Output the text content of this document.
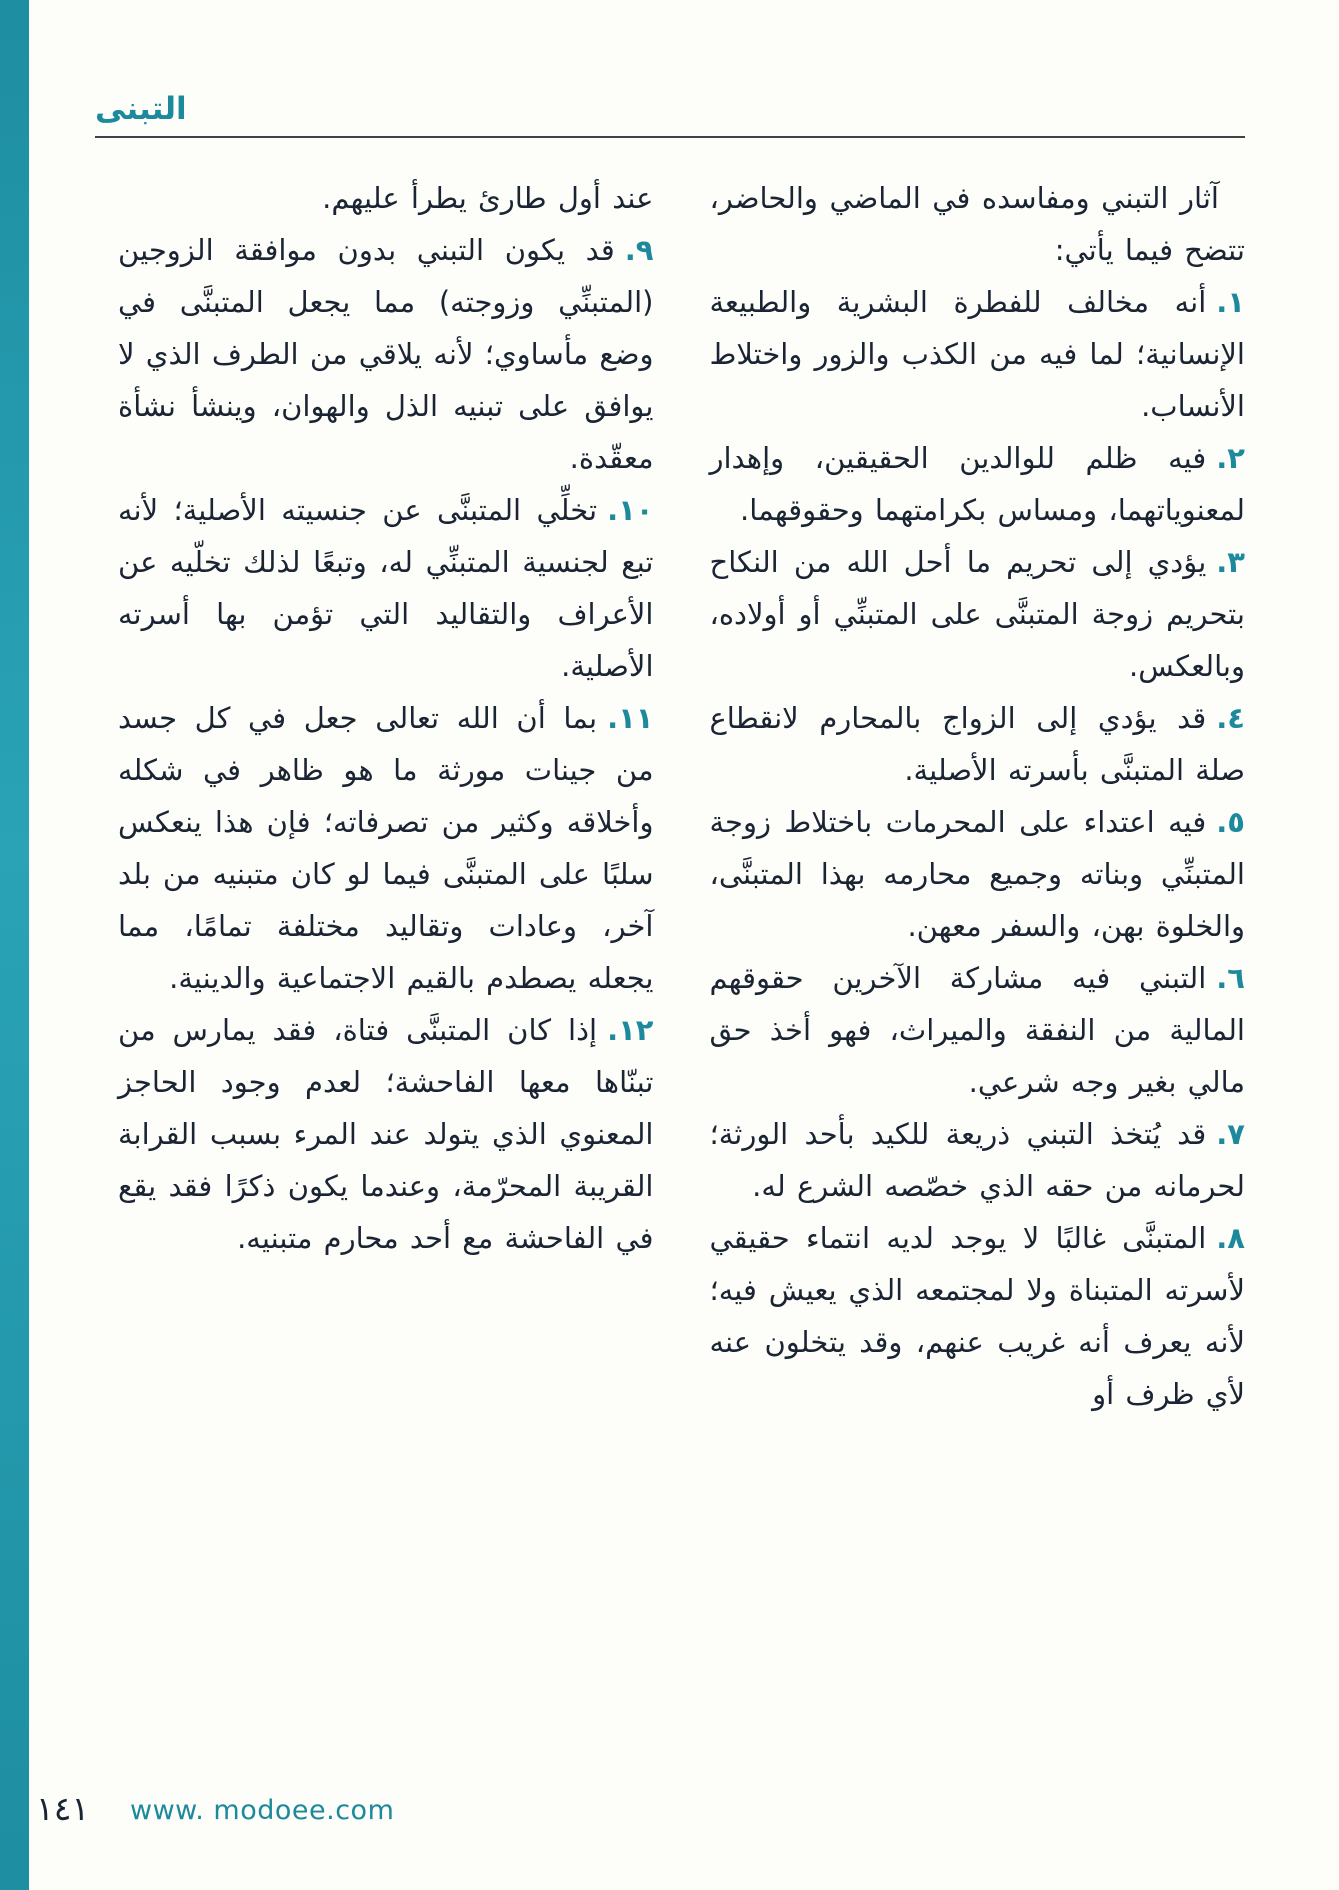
التبنى

آثار التبني ومفاسده في الماضي والحاضر، تتضح فيما يأتي:

١.أنه مخالف للفطرة البشرية والطبيعة الإنسانية؛ لما فيه من الكذب والزور واختلاط الأنساب.

٢.فيه ظلم للوالدين الحقيقين، وإهدار لمعنوياتهما، ومساس بكرامتهما وحقوقهما.

٣.يؤدي إلى تحريم ما أحل الله من النكاح بتحريم زوجة المتبنَّى على المتبنِّي أو أولاده، وبالعكس.

٤.قد يؤدي إلى الزواج بالمحارم لانقطاع صلة المتبنَّى بأسرته الأصلية.

٥.فيه اعتداء على المحرمات باختلاط زوجة المتبنِّي وبناته وجميع محارمه بهذا المتبنَّى، والخلوة بهن، والسفر معهن.

٦.التبني فيه مشاركة الآخرين حقوقهم المالية من النفقة والميراث، فهو أخذ حق مالي بغير وجه شرعي.

٧.قد يُتخذ التبني ذريعة للكيد بأحد الورثة؛ لحرمانه من حقه الذي خصّصه الشرع له.

٨.المتبنَّى غالبًا لا يوجد لديه انتماء حقيقي لأسرته المتبناة ولا لمجتمعه الذي يعيش فيه؛ لأنه يعرف أنه غريب عنهم، وقد يتخلون عنه لأي ظرف أو

عند أول طارئ يطرأ عليهم.

٩.قد يكون التبني بدون موافقة الزوجين (المتبنِّي وزوجته) مما يجعل المتبنَّى في وضع مأساوي؛ لأنه يلاقي من الطرف الذي لا يوافق على تبنيه الذل والهوان، وينشأ نشأة معقّدة.

١٠.تخلِّي المتبنَّى عن جنسيته الأصلية؛ لأنه تبع لجنسية المتبنِّي له، وتبعًا لذلك تخلّيه عن الأعراف والتقاليد التي تؤمن بها أسرته الأصلية.

١١.بما أن الله تعالى جعل في كل جسد من جينات مورثة ما هو ظاهر في شكله وأخلاقه وكثير من تصرفاته؛ فإن هذا ينعكس سلبًا على المتبنَّى فيما لو كان متبنيه من بلد آخر، وعادات وتقاليد مختلفة تمامًا، مما يجعله يصطدم بالقيم الاجتماعية والدينية.

١٢.إذا كان المتبنَّى فتاة، فقد يمارس من تبنّاها معها الفاحشة؛ لعدم وجود الحاجز المعنوي الذي يتولد عند المرء بسبب القرابة القريبة المحرّمة، وعندما يكون ذكرًا فقد يقع في الفاحشة مع أحد محارم متبنيه.

١٤١ www. modoee.com
